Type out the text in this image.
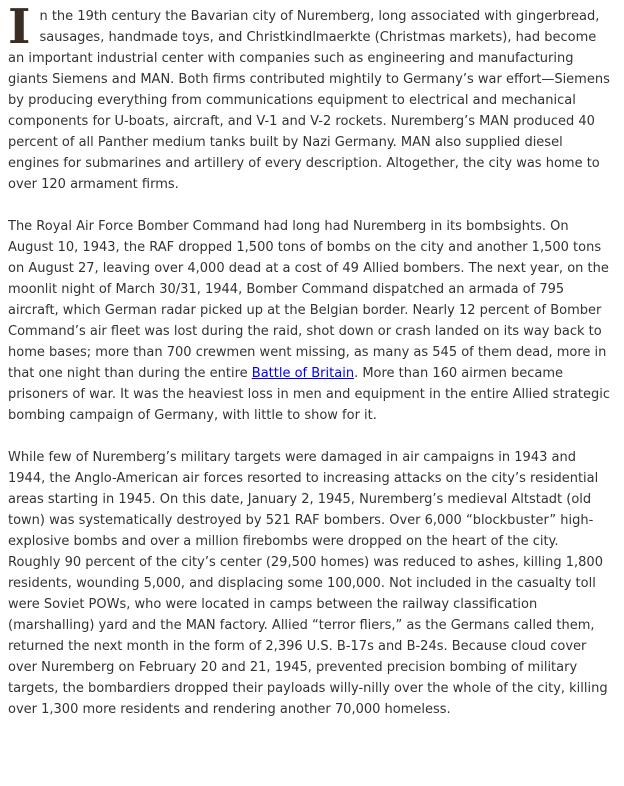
In the 19th century the Bavarian city of Nuremberg, long associated with gingerbread, sausages, handmade toys, and Christkindlmaerkte (Christmas markets), had become an important industrial center with companies such as engineering and manufacturing giants Siemens and MAN. Both firms contributed mightily to Germany’s war effort—Siemens by producing everything from communications equipment to electrical and mechanical components for U-boats, aircraft, and V-1 and V-2 rockets. Nuremberg’s MAN produced 40 percent of all Panther medium tanks built by Nazi Germany. MAN also supplied diesel engines for submarines and artillery of every description. Altogether, the city was home to over 120 armament firms.

The Royal Air Force Bomber Command had long had Nuremberg in its bombsights. On August 10, 1943, the RAF dropped 1,500 tons of bombs on the city and another 1,500 tons on August 27, leaving over 4,000 dead at a cost of 49 Allied bombers. The next year, on the moonlit night of March 30/31, 1944, Bomber Command dispatched an armada of 795 aircraft, which German radar picked up at the Belgian border. Nearly 12 percent of Bomber Command’s air fleet was lost during the raid, shot down or crash landed on its way back to home bases; more than 700 crewmen went missing, as many as 545 of them dead, more in that one night than during the entire Battle of Britain. More than 160 airmen became prisoners of war. It was the heaviest loss in men and equipment in the entire Allied strategic bombing campaign of Germany, with little to show for it.

While few of Nuremberg’s military targets were damaged in air campaigns in 1943 and 1944, the Anglo-American air forces resorted to increasing attacks on the city’s residential areas starting in 1945. On this date, January 2, 1945, Nuremberg’s medieval Altstadt (old town) was systematically destroyed by 521 RAF bombers. Over 6,000 “blockbuster” high-explosive bombs and over a million firebombs were dropped on the heart of the city. Roughly 90 percent of the city’s center (29,500 homes) was reduced to ashes, killing 1,800 residents, wounding 5,000, and displacing some 100,000. Not included in the casualty toll were Soviet POWs, who were located in camps between the railway classification (marshalling) yard and the MAN factory. Allied “terror fliers,” as the Germans called them, returned the next month in the form of 2,396 U.S. B-17s and B-24s. Because cloud cover over Nuremberg on February 20 and 21, 1945, prevented precision bombing of military targets, the bombardiers dropped their payloads willy-nilly over the whole of the city, killing over 1,300 more residents and rendering another 70,000 homeless.
